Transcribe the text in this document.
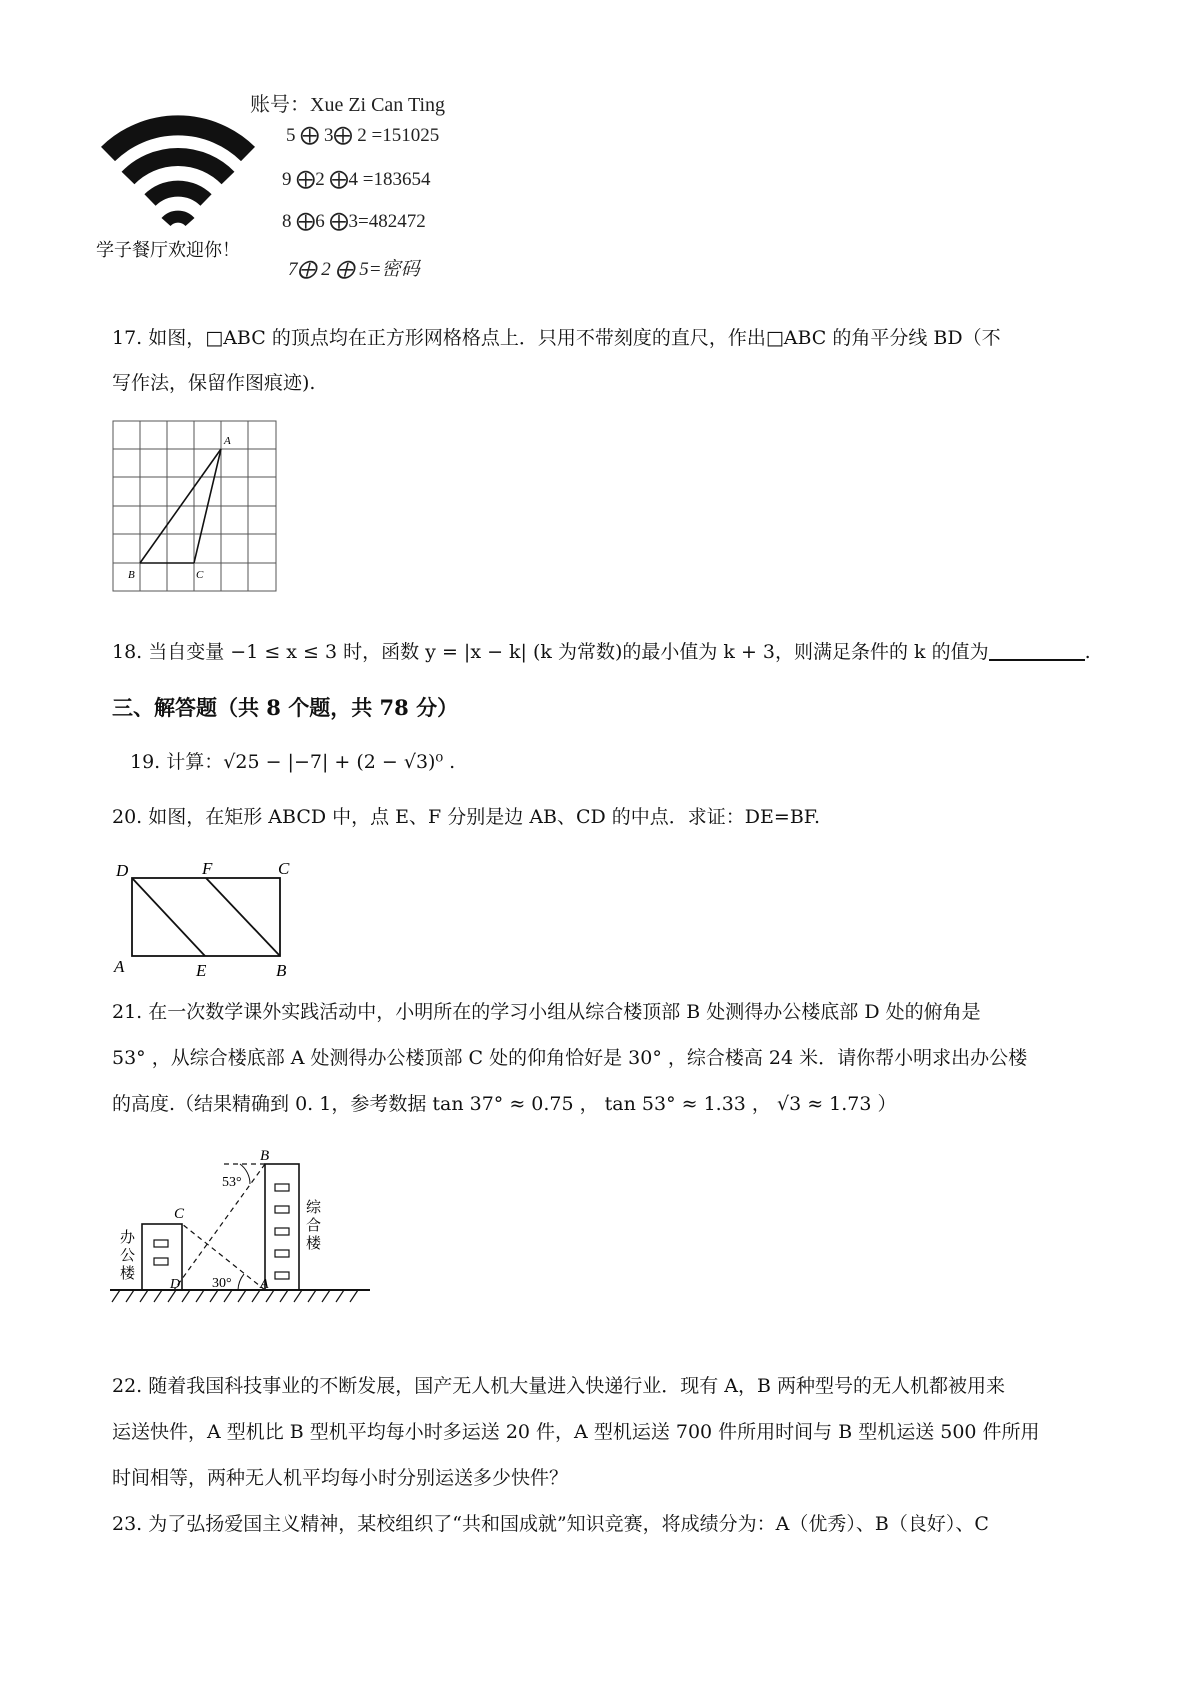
账号：Xue Zi Can Ting
5 ⨁ 3⨁ 2 =151025
9 ⨁2 ⨁4 =183654
8 ⨁6 ⨁3=482472
7⨁ 2 ⨁ 5=密码
学子餐厅欢迎你！
17. 如图，□ABC 的顶点均在正方形网格格点上．只用不带刻度的直尺，作出□ABC 的角平分线 BD（不
写作法，保留作图痕迹).
A
B	C
18. 当自变量 −1 ≤ x ≤ 3 时，函数 y = |x − k| (k 为常数)的最小值为 k + 3，则满足条件的 k 的值为	.
三、解答题（共 8 个题，共 78 分）
19. 计算：√25 − |−7| + (2 − √3)⁰ .
20. 如图，在矩形 ABCD 中，点 E、F 分别是边 AB、CD 的中点．求证：DE=BF.
D	F	C
A	E	B
21. 在一次数学课外实践活动中，小明所在的学习小组从综合楼顶部 B 处测得办公楼底部 D 处的俯角是
53° ，从综合楼底部 A 处测得办公楼顶部 C 处的仰角恰好是 30° ，综合楼高 24 米．请你帮小明求出办公楼
的高度.（结果精确到 0. 1，参考数据 tan 37° ≈ 0.75 ， tan 53° ≈ 1.33 ， √3 ≈ 1.73 ）
B
C
D	A
53°
30°
办
公
楼
综
合
楼
22. 随着我国科技事业的不断发展，国产无人机大量进入快递行业．现有 A，B 两种型号的无人机都被用来
运送快件，A 型机比 B 型机平均每小时多运送 20 件，A 型机运送 700 件所用时间与 B 型机运送 500 件所用
时间相等，两种无人机平均每小时分别运送多少快件？
23. 为了弘扬爱国主义精神，某校组织了“共和国成就”知识竞赛，将成绩分为：A（优秀）、B（良好）、C
